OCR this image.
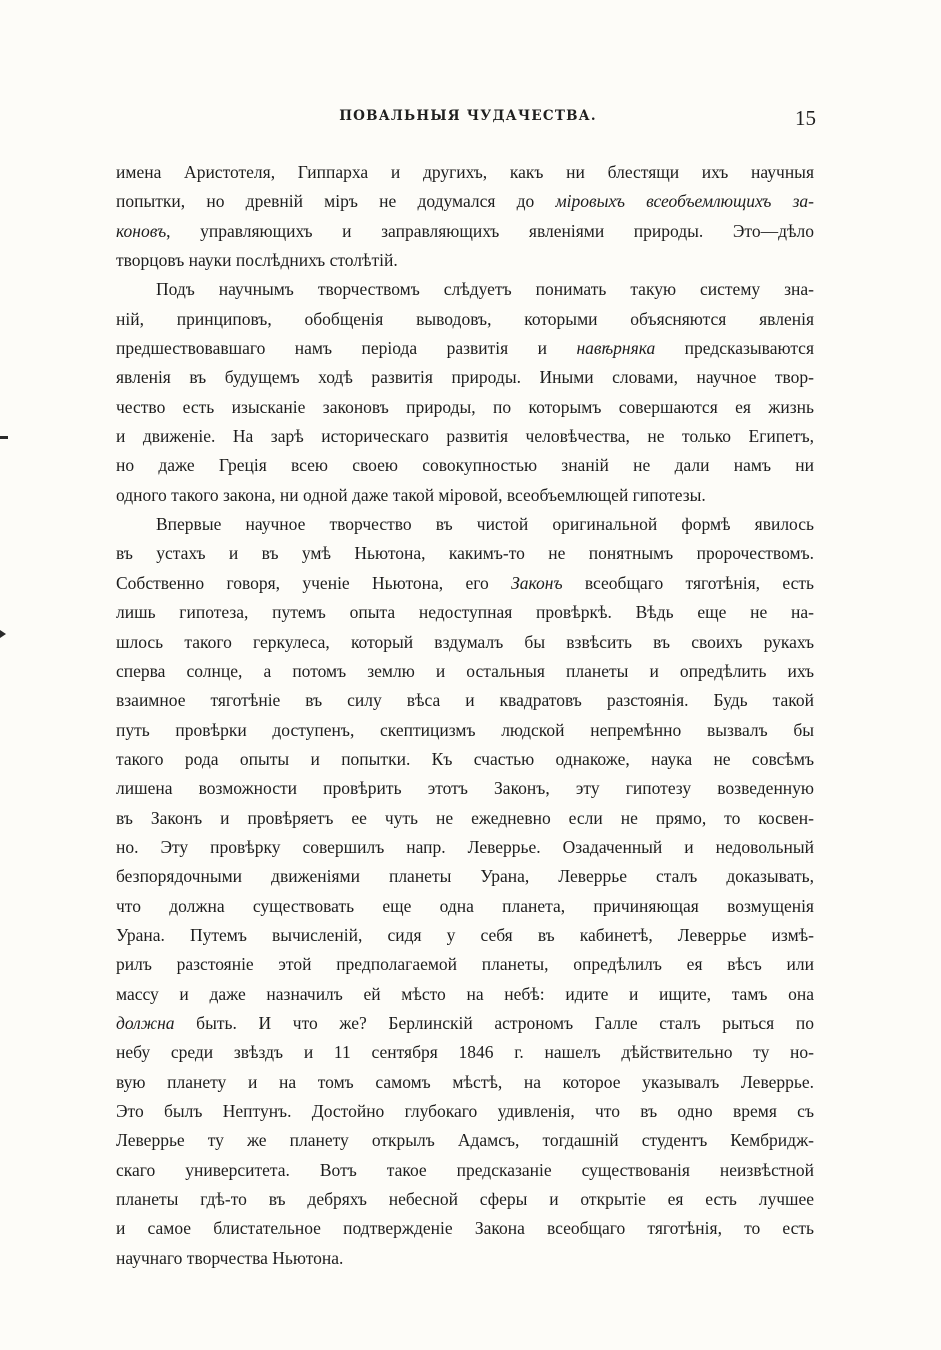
ПОВАЛЬНЫЯ ЧУДАЧЕСТВА.	15
имена Аристотеля, Гиппарха и другихъ, какъ ни блестящи ихъ научныя
попытки, но древній міръ не додумался до міровыхъ всеобъемлющихъ за-
коновъ, управляющихъ и заправляющихъ явленіями природы. Это—дѣло
творцовъ науки послѣднихъ столѣтій.
Подъ научнымъ творчествомъ слѣдуетъ понимать такую систему зна-
ній, принциповъ, обобщенія выводовъ, которыми объясняются явленія
предшествовавшаго намъ періода развитія и навѣрняка предсказываются
явленія въ будущемъ ходѣ развитія природы. Иными словами, научное твор-
чество есть изысканіе законовъ природы, по которымъ совершаются ея жизнь
и движеніе. На зарѣ историческаго развитія человѣчества, не только Египетъ,
но даже Греція всею своею совокупностью знаній не дали намъ ни
одного такого закона, ни одной даже такой міровой, всеобъемлющей гипотезы.
Впервые научное творчество въ чистой оригинальной формѣ явилось
въ устахъ и въ умѣ Ньютона, какимъ-то не понятнымъ пророчествомъ.
Собственно говоря, ученіе Ньютона, его Законъ всеобщаго тяготѣнія, есть
лишь гипотеза, путемъ опыта недоступная провѣркѣ. Вѣдь еще не на-
шлось такого геркулеса, который вздумалъ бы взвѣсить въ своихъ рукахъ
сперва солнце, а потомъ землю и остальныя планеты и опредѣлить ихъ
взаимное тяготѣніе въ силу вѣса и квадратовъ разстоянія. Будь такой
путь провѣрки доступенъ, скептицизмъ людской непремѣнно вызвалъ бы
такого рода опыты и попытки. Къ счастью однакоже, наука не совсѣмъ
лишена возможности провѣрить этотъ Законъ, эту гипотезу возведенную
въ Законъ и провѣряетъ ее чуть не ежедневно если не прямо, то косвен-
но. Эту провѣрку совершилъ напр. Леверрье. Озадаченный и недовольный
безпорядочными движеніями планеты Урана, Леверрье сталъ доказывать,
что должна существовать еще одна планета, причиняющая возмущенія
Урана. Путемъ вычисленій, сидя у себя въ кабинетѣ, Леверрье измѣ-
рилъ разстояніе этой предполагаемой планеты, опредѣлилъ ея вѣсъ или
массу и даже назначилъ ей мѣсто на небѣ: идите и ищите, тамъ она
должна быть. И что же? Берлинскій астрономъ Галле сталъ рыться по
небу среди звѣздъ и 11 сентября 1846 г. нашелъ дѣйствительно ту но-
вую планету и на томъ самомъ мѣстѣ, на которое указывалъ Леверрье.
Это былъ Нептунъ. Достойно глубокаго удивленія, что въ одно время съ
Леверрье ту же планету открылъ Адамсъ, тогдашній студентъ Кембридж-
скаго университета. Вотъ такое предсказаніе существованія неизвѣстной
планеты гдѣ-то въ дебряхъ небесной сферы и открытіе ея есть лучшее
и самое блистательное подтвержденіе Закона всеобщаго тяготѣнія, то есть
научнаго творчества Ньютона.
